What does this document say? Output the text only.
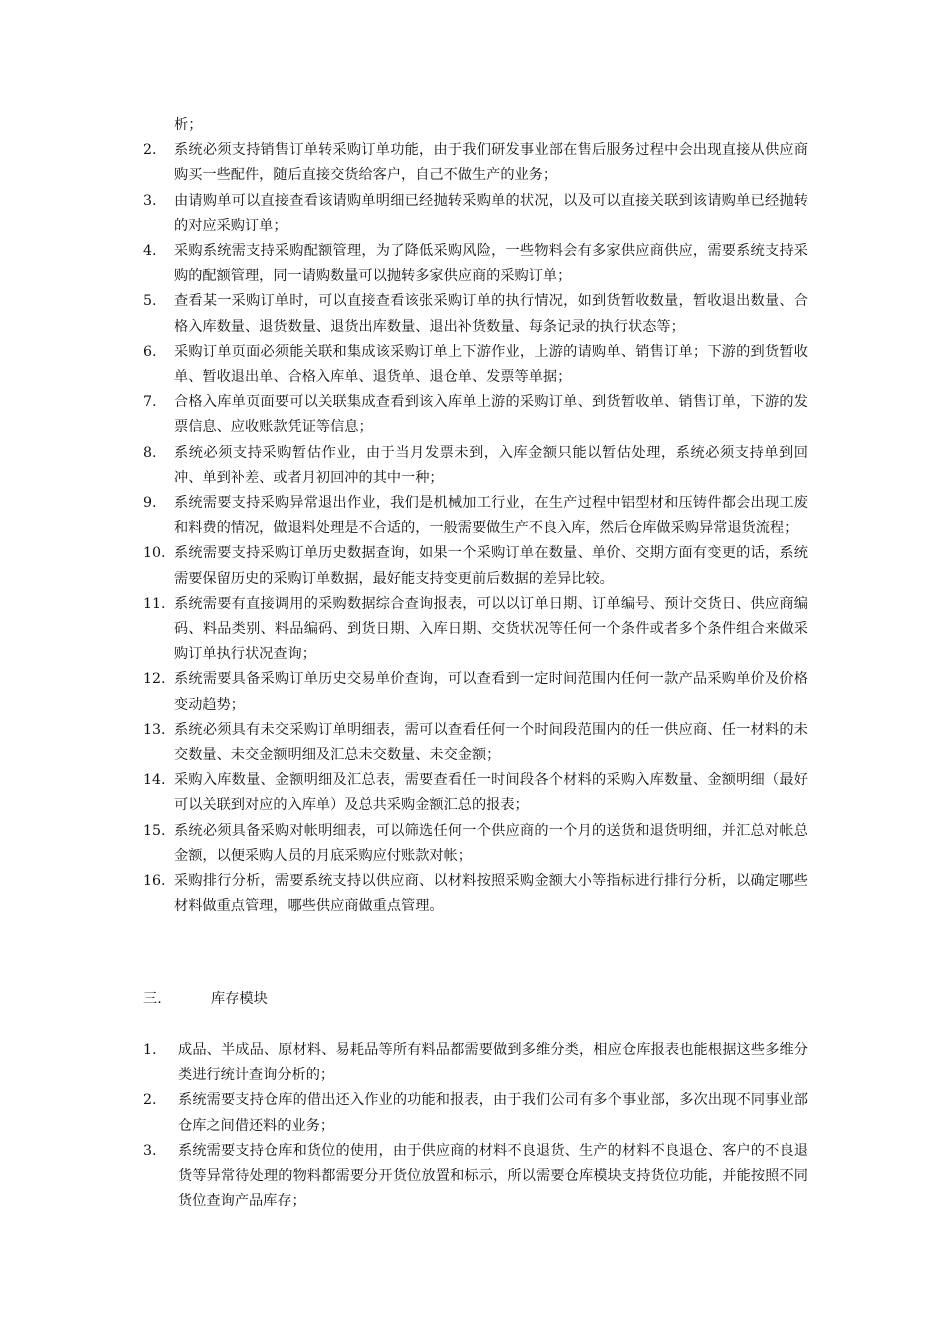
析；
2.	系统必须支持销售订单转采购订单功能，由于我们研发事业部在售后服务过程中会出现直接从供应商购买一些配件，随后直接交货给客户，自己不做生产的业务；
3.	由请购单可以直接查看该请购单明细已经抛转采购单的状况，以及可以直接关联到该请购单已经抛转的对应采购订单；
4.	采购系统需支持采购配额管理，为了降低采购风险，一些物料会有多家供应商供应，需要系统支持采购的配额管理，同一请购数量可以抛转多家供应商的采购订单；
5.	查看某一采购订单时，可以直接查看该张采购订单的执行情况，如到货暂收数量，暂收退出数量、合格入库数量、退货数量、退货出库数量、退出补货数量、每条记录的执行状态等；
6.	采购订单页面必须能关联和集成该采购订单上下游作业，上游的请购单、销售订单；下游的到货暂收单、暂收退出单、合格入库单、退货单、退仓单、发票等单据；
7.	合格入库单页面要可以关联集成查看到该入库单上游的采购订单、到货暂收单、销售订单，下游的发票信息、应收账款凭证等信息；
8.	系统必须支持采购暂估作业，由于当月发票未到，入库金额只能以暂估处理，系统必须支持单到回冲、单到补差、或者月初回冲的其中一种；
9.	系统需要支持采购异常退出作业，我们是机械加工行业，在生产过程中铝型材和压铸件都会出现工废和料费的情况，做退料处理是不合适的，一般需要做生产不良入库，然后仓库做采购异常退货流程；
10. 系统需要支持采购订单历史数据查询，如果一个采购订单在数量、单价、交期方面有变更的话，系统需要保留历史的采购订单数据，最好能支持变更前后数据的差异比较。
11. 系统需要有直接调用的采购数据综合查询报表，可以以订单日期、订单编号、预计交货日、供应商编码、料品类别、料品编码、到货日期、入库日期、交货状况等任何一个条件或者多个条件组合来做采购订单执行状况查询；
12. 系统需要具备采购订单历史交易单价查询，可以查看到一定时间范围内任何一款产品采购单价及价格变动趋势；
13. 系统必须具有未交采购订单明细表，需可以查看任何一个时间段范围内的任一供应商、任一材料的未交数量、未交金额明细及汇总未交数量、未交金额；
14. 采购入库数量、金额明细及汇总表，需要查看任一时间段各个材料的采购入库数量、金额明细（最好可以关联到对应的入库单）及总共采购金额汇总的报表；
15. 系统必须具备采购对帐明细表，可以筛选任何一个供应商的一个月的送货和退货明细，并汇总对帐总金额，以便采购人员的月底采购应付账款对帐；
16. 采购排行分析，需要系统支持以供应商、以材料按照采购金额大小等指标进行排行分析，以确定哪些材料做重点管理，哪些供应商做重点管理。
三.	库存模块
1.	成品、半成品、原材料、易耗品等所有料品都需要做到多维分类，相应仓库报表也能根据这些多维分类进行统计查询分析的；
2.	系统需要支持仓库的借出还入作业的功能和报表，由于我们公司有多个事业部，多次出现不同事业部仓库之间借还料的业务；
3.	系统需要支持仓库和货位的使用，由于供应商的材料不良退货、生产的材料不良退仓、客户的不良退货等异常待处理的物料都需要分开货位放置和标示，所以需要仓库模块支持货位功能，并能按照不同货位查询产品库存；
